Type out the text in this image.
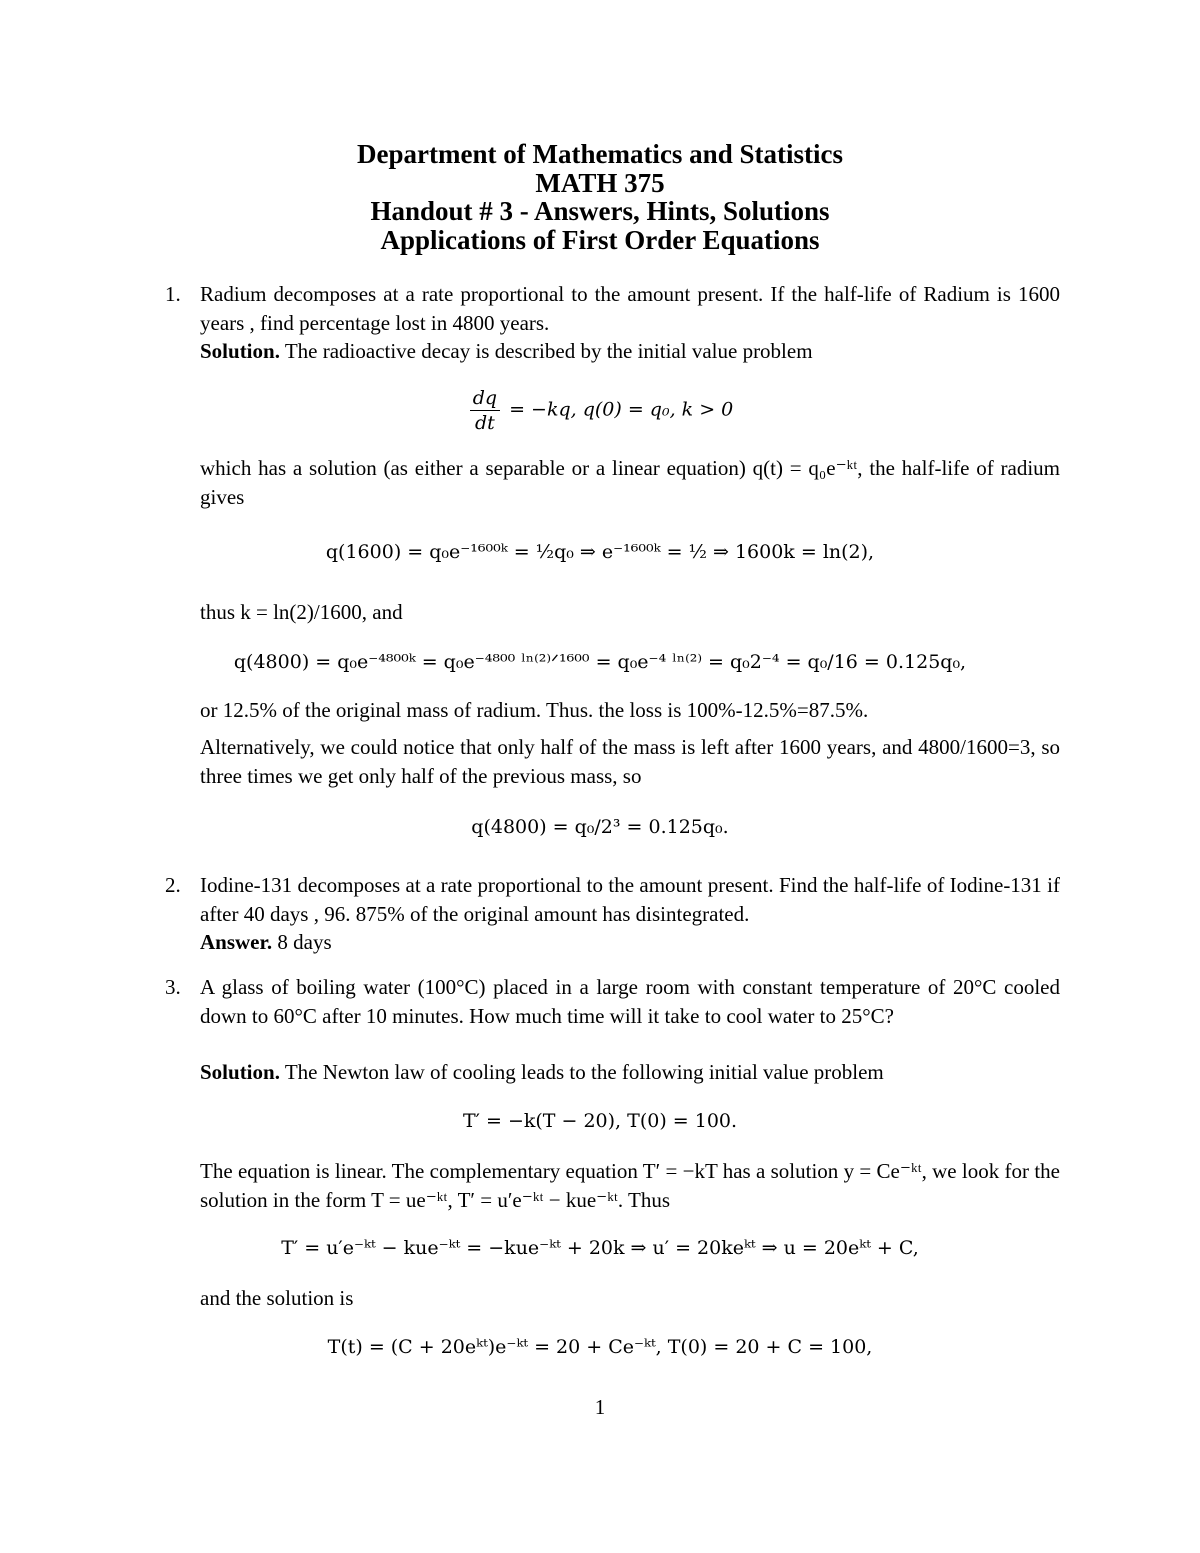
Department of Mathematics and Statistics
MATH 375
Handout # 3 - Answers, Hints, Solutions
Applications of First Order Equations
1. Radium decomposes at a rate proportional to the amount present. If the half-life of Radium is 1600 years , find percentage lost in 4800 years.
Solution. The radioactive decay is described by the initial value problem
$\frac{dq}{dt} = -kq$, q(0) = q₀, k > 0
which has a solution (as either a separable or a linear equation) q(t) = q₀e⁻ᵏᵗ, the half-life of radium gives
q(1600) = q₀e⁻¹⁶⁰⁰ᵏ = ½q₀ ⇒ e⁻¹⁶⁰⁰ᵏ = ½ ⇒ 1600k = ln(2),
thus k = ln(2)/1600, and
q(4800) = q₀e⁻⁴⁸⁰⁰ᵏ = q₀e⁻⁴⁸⁰⁰ ˡⁿ⁽²⁾ᐟ¹⁶⁰⁰ = q₀e⁻⁴ ˡⁿ⁽²⁾ = q₀2⁻⁴ = q₀/16 = 0.125q₀,
or 12.5% of the original mass of radium. Thus. the loss is 100%-12.5%=87.5%.
Alternatively, we could notice that only half of the mass is left after 1600 years, and 4800/1600=3, so three times we get only half of the previous mass, so
q(4800) = q₀/2³ = 0.125q₀.
2. Iodine-131 decomposes at a rate proportional to the amount present. Find the half-life of Iodine-131 if after 40 days , 96. 875% of the original amount has disintegrated.
Answer. 8 days
3. A glass of boiling water (100°C) placed in a large room with constant temperature of 20°C cooled down to 60°C after 10 minutes. How much time will it take to cool water to 25°C?
Solution. The Newton law of cooling leads to the following initial value problem
T′ = −k(T − 20), T(0) = 100.
The equation is linear. The complementary equation T′ = −kT has a solution y = Ce⁻ᵏᵗ, we look for the solution in the form T = ue⁻ᵏᵗ, T′ = u′e⁻ᵏᵗ − kue⁻ᵏᵗ. Thus
T′ = u′e⁻ᵏᵗ − kue⁻ᵏᵗ = −kue⁻ᵏᵗ + 20k ⇒ u′ = 20keᵏᵗ ⇒ u = 20eᵏᵗ + C,
and the solution is
T(t) = (C + 20eᵏᵗ)e⁻ᵏᵗ = 20 + Ce⁻ᵏᵗ, T(0) = 20 + C = 100,
1
